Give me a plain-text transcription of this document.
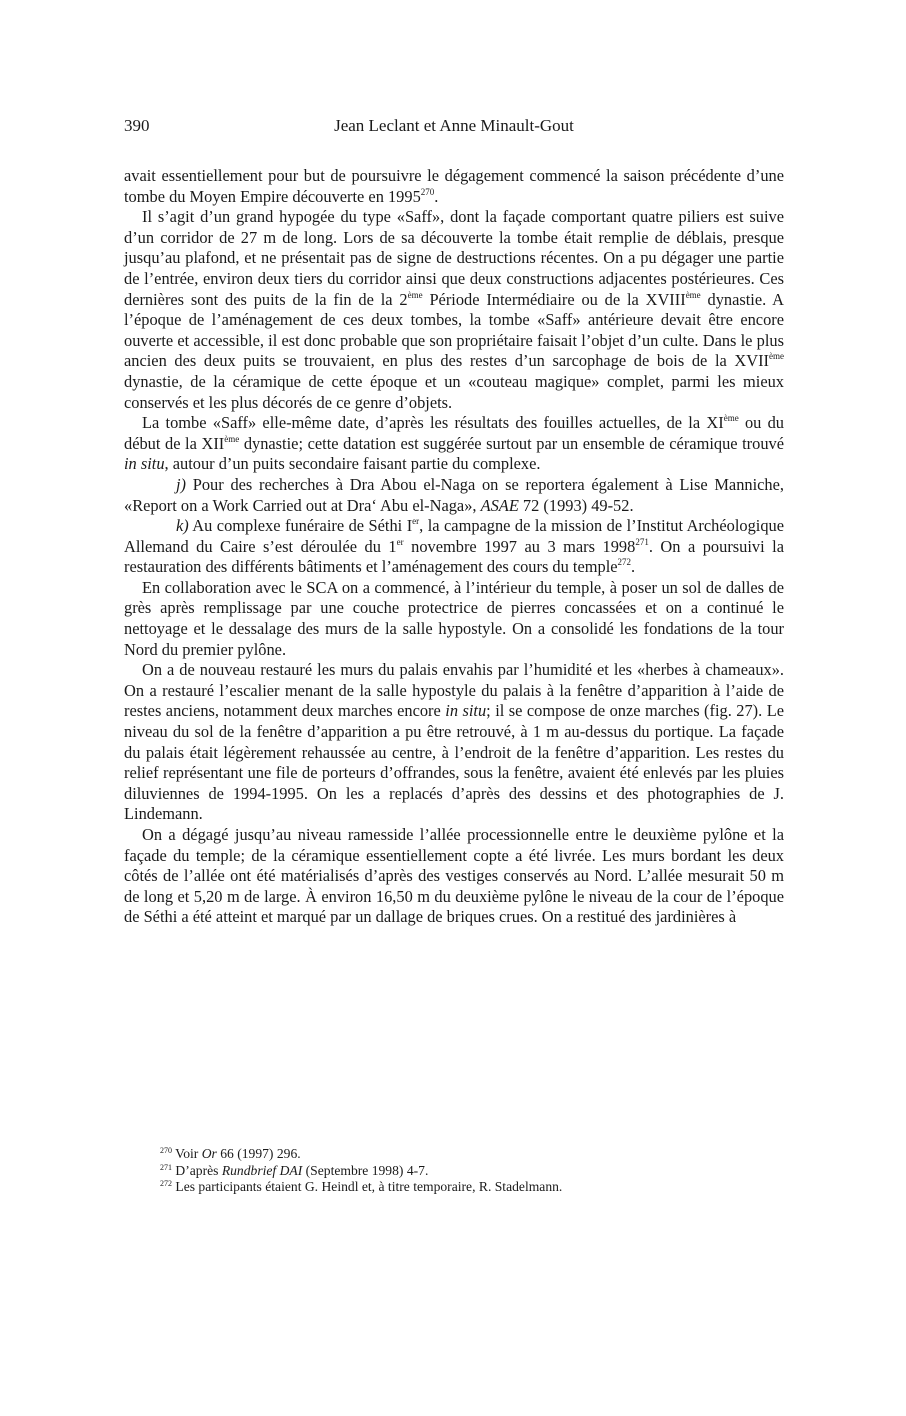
390	Jean Leclant et Anne Minault-Gout

avait essentiellement pour but de poursuivre le dégagement commencé la saison précédente d’une tombe du Moyen Empire découverte en 1995$^{270}$.

Il s’agit d’un grand hypogée du type «Saff», dont la façade comportant quatre piliers est suive d’un corridor de 27 m de long. Lors de sa découverte la tombe était remplie de déblais, presque jusqu’au plafond, et ne présentait pas de signe de destructions récentes. On a pu dégager une partie de l’entrée, environ deux tiers du corridor ainsi que deux constructions adjacentes postérieures. Ces dernières sont des puits de la fin de la 2ème Période Intermédiaire ou de la XVIIIème dynastie. A l’époque de l’aménagement de ces deux tombes, la tombe «Saff» antérieure devait être encore ouverte et accessible, il est donc probable que son propriétaire faisait l’objet d’un culte. Dans le plus ancien des deux puits se trouvaient, en plus des restes d’un sarcophage de bois de la XVIIème dynastie, de la céramique de cette époque et un «couteau magique» complet, parmi les mieux conservés et les plus décorés de ce genre d’objets.

La tombe «Saff» elle-même date, d’après les résultats des fouilles actuelles, de la XIème ou du début de la XIIème dynastie; cette datation est suggérée surtout par un ensemble de céramique trouvé in situ, autour d’un puits secondaire faisant partie du complexe.

j) Pour des recherches à Dra Abou el-Naga on se reportera également à Lise Manniche, «Report on a Work Carried out at Dra‘ Abu el-Naga», ASAE 72 (1993) 49-52.

k) Au complexe funéraire de Séthi Ier, la campagne de la mission de l’Institut Archéologique Allemand du Caire s’est déroulée du 1er novembre 1997 au 3 mars 1998$^{271}$. On a poursuivi la restauration des différents bâtiments et l’aménagement des cours du temple$^{272}$.

En collaboration avec le SCA on a commencé, à l’intérieur du temple, à poser un sol de dalles de grès après remplissage par une couche protectrice de pierres concassées et on a continué le nettoyage et le dessalage des murs de la salle hypostyle. On a consolidé les fondations de la tour Nord du premier pylône.

On a de nouveau restauré les murs du palais envahis par l’humidité et les «herbes à chameaux». On a restauré l’escalier menant de la salle hypostyle du palais à la fenêtre d’apparition à l’aide de restes anciens, notamment deux marches encore in situ; il se compose de onze marches (fig. 27). Le niveau du sol de la fenêtre d’apparition a pu être retrouvé, à 1 m au-dessus du portique. La façade du palais était légèrement rehaussée au centre, à l’endroit de la fenêtre d’apparition. Les restes du relief représentant une file de porteurs d’offrandes, sous la fenêtre, avaient été enlevés par les pluies diluviennes de 1994-1995. On les a replacés d’après des dessins et des photographies de J. Lindemann.

On a dégagé jusqu’au niveau ramesside l’allée processionnelle entre le deuxième pylône et la façade du temple; de la céramique essentiellement copte a été livrée. Les murs bordant les deux côtés de l’allée ont été matérialisés d’après des vestiges conservés au Nord. L’allée mesurait 50 m de long et 5,20 m de large. À environ 16,50 m du deuxième pylône le niveau de la cour de l’époque de Séthi a été atteint et marqué par un dallage de briques crues. On a restitué des jardinières à

$^{270}$ Voir Or 66 (1997) 296.

$^{271}$ D’après Rundbrief DAI (Septembre 1998) 4-7.

$^{272}$ Les participants étaient G. Heindl et, à titre temporaire, R. Stadelmann.
